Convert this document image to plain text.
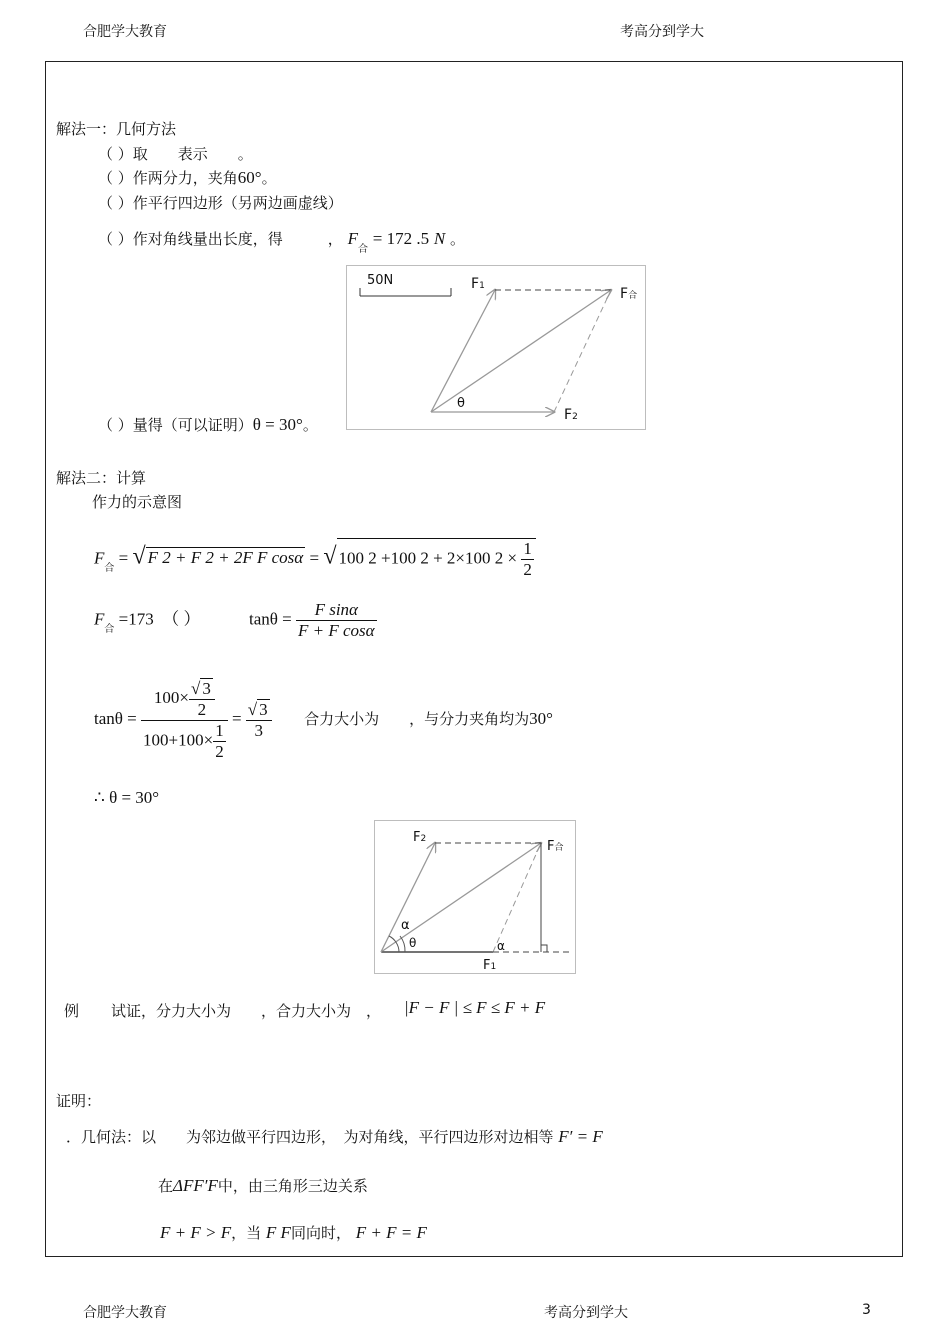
合肥学大教育	考高分到学大
解法一：几何方法
（ ）取　　表示　　。
（ ）作两分力，夹角60°。
（ ）作平行四边形（另两边画虚线）
（ ）作对角线量出长度，得　　　， $F_合 = 172$ .5 N 。
50N	F1	F合
F2
θ
（ ）量得（可以证明）θ = 30°。
解法二：计算
作力的示意图
$F_合$ = √ F 2 + F 2 + 2F F cosα = √ 100 2 +100 2 + 2×100 $2 \times \frac{1}{2}$
$F_合 =173$　（ ）	$\tan\theta = \frac{\text{F sinα}}{\text{F + F cosα}}$
$\tan\theta = \frac{100\times \frac{√ 3}{2}}{100+100\times \frac{1}{2}} = \frac{√ 3}{3}$ 合力大小为　　，与分力夹角均为30°
∴ θ = 30°
F2	F合
F1
α
θ	α
例 试证，分力大小为　　，合力大小为　， |F − F | ≤ F ≤ F + F
证明：
．几何法：以　　为邻边做平行四边形，　为对角线，平行四边形对边相等 F′ = F
在ΔFF′F中，由三角形三边关系
F + F > F，当 F F同向时， F + F = F
合肥学大教育	考高分到学大	3
